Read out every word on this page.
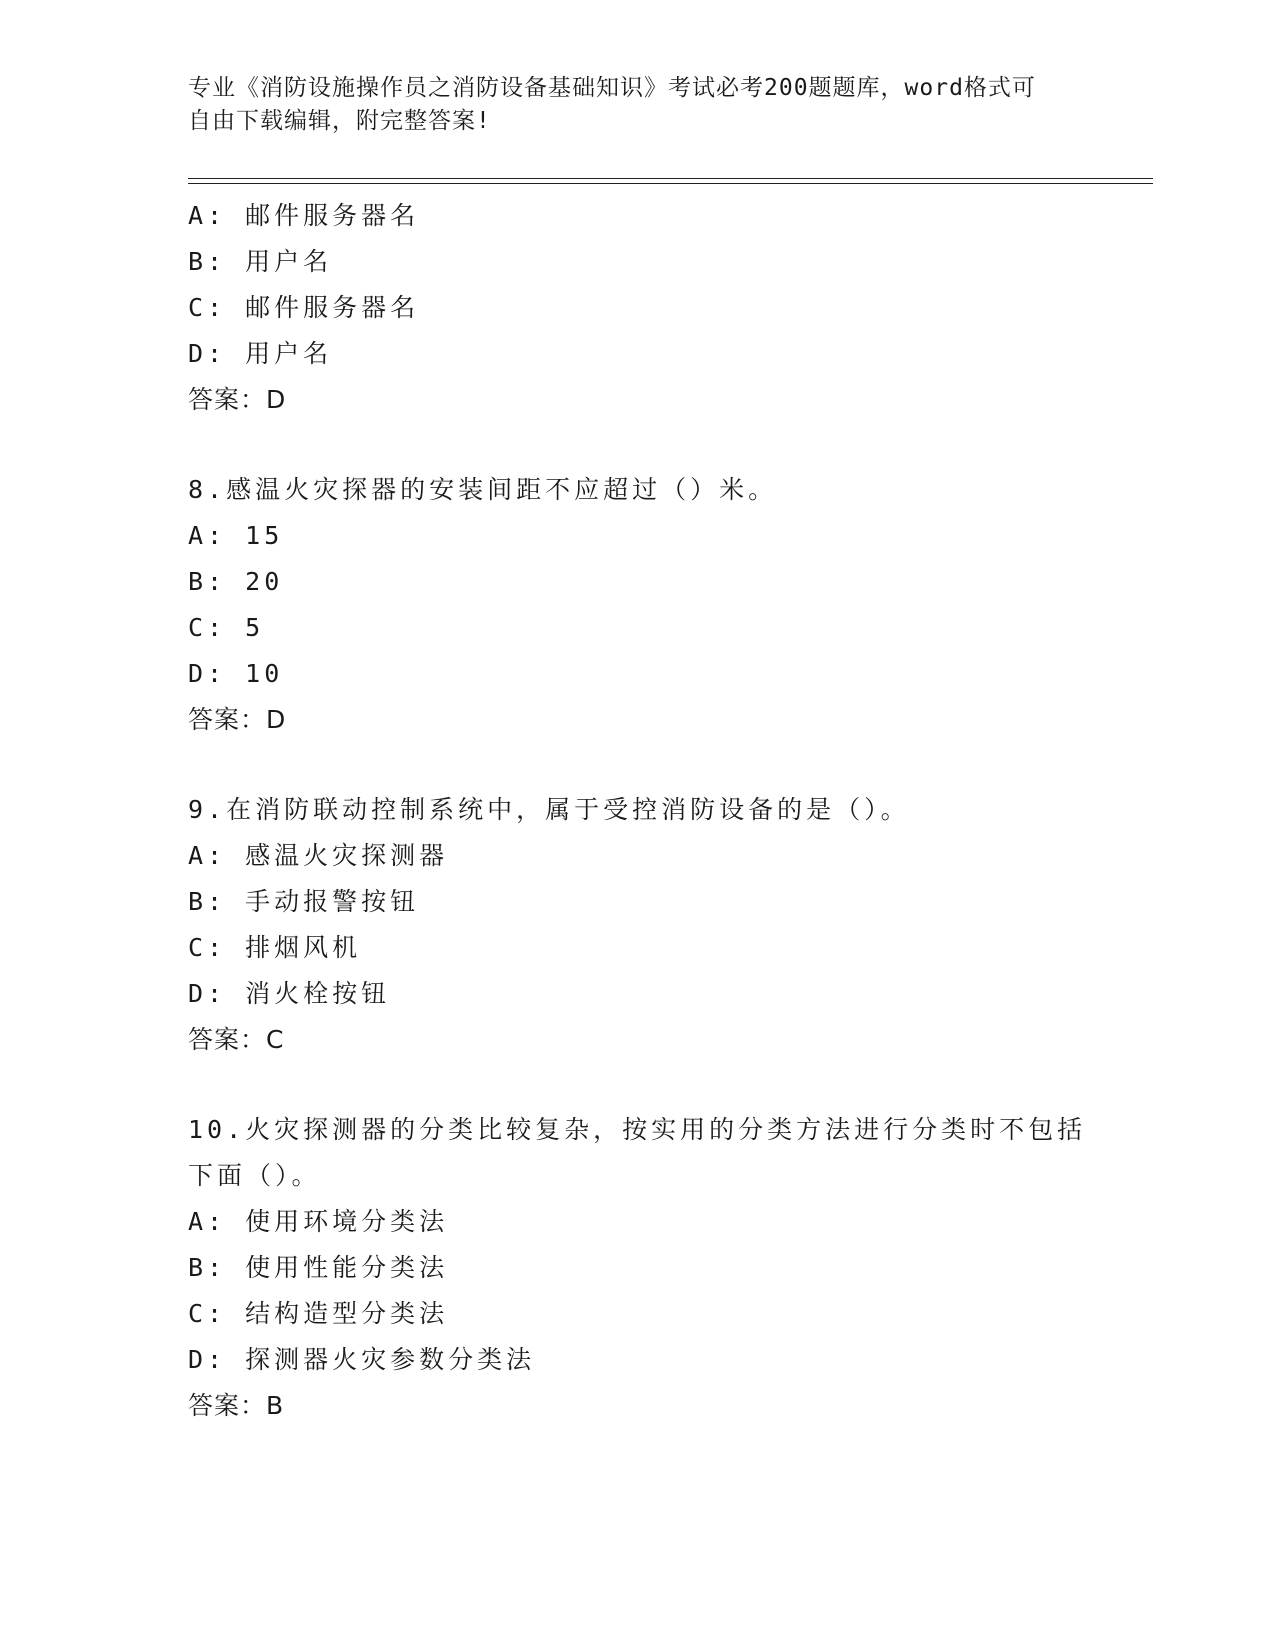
专业《消防设施操作员之消防设备基础知识》考试必考200题题库，word格式可
自由下载编辑，附完整答案!
A: 邮件服务器名
B: 用户名
C: 邮件服务器名
D: 用户名
答案：D
8.感温火灾探器的安装间距不应超过（）米。
A: 15
B: 20
C: 5
D: 10
答案：D
9.在消防联动控制系统中，属于受控消防设备的是（）。
A: 感温火灾探测器
B: 手动报警按钮
C: 排烟风机
D: 消火栓按钮
答案：C
10.火灾探测器的分类比较复杂，按实用的分类方法进行分类时不包括
下面（）。
A: 使用环境分类法
B: 使用性能分类法
C: 结构造型分类法
D: 探测器火灾参数分类法
答案：B
